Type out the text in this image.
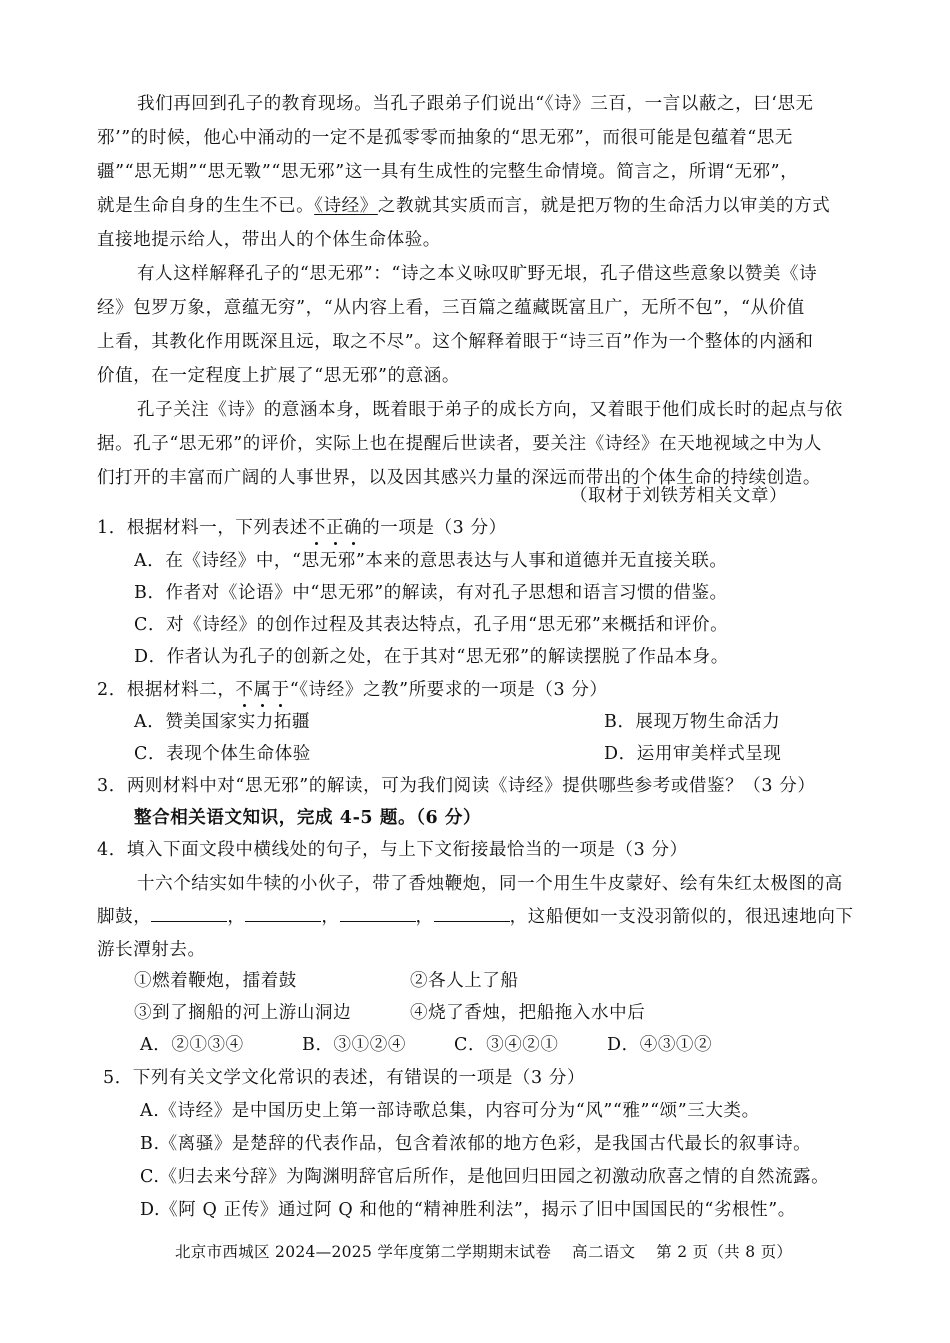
我们再回到孔子的教育现场。当孔子跟弟子们说出“《诗》三百，一言以蔽之，曰‘思无
邪’”的时候，他心中涌动的一定不是孤零零而抽象的“思无邪”，而很可能是包蕴着“思无
疆”“思无期”“思无斁”“思无邪”这一具有生成性的完整生命情境。简言之，所谓“无邪”，
就是生命自身的生生不已。《诗经》之教就其实质而言，就是把万物的生命活力以审美的方式
直接地提示给人，带出人的个体生命体验。
有人这样解释孔子的“思无邪”：“诗之本义咏叹旷野无垠，孔子借这些意象以赞美《诗
经》包罗万象，意蕴无穷”，“从内容上看，三百篇之蕴藏既富且广，无所不包”，“从价值
上看，其教化作用既深且远，取之不尽”。这个解释着眼于“诗三百”作为一个整体的内涵和
价值，在一定程度上扩展了“思无邪”的意涵。
孔子关注《诗》的意涵本身，既着眼于弟子的成长方向，又着眼于他们成长时的起点与依
据。孔子“思无邪”的评价，实际上也在提醒后世读者，要关注《诗经》在天地视域之中为人
们打开的丰富而广阔的人事世界，以及因其感兴力量的深远而带出的个体生命的持续创造。
（取材于刘铁芳相关文章）
1．根据材料一，下列表述不正确的一项是（3 分）
A．在《诗经》中，“思无邪”本来的意思表达与人事和道德并无直接关联。
B．作者对《论语》中“思无邪”的解读，有对孔子思想和语言习惯的借鉴。
C．对《诗经》的创作过程及其表达特点，孔子用“思无邪”来概括和评价。
D．作者认为孔子的创新之处，在于其对“思无邪”的解读摆脱了作品本身。
2．根据材料二，不属于“《诗经》之教”所要求的一项是（3 分）
A．赞美国家实力拓疆	B．展现万物生命活力
C．表现个体生命体验	D．运用审美样式呈现
3．两则材料中对“思无邪”的解读，可为我们阅读《诗经》提供哪些参考或借鉴？（3 分）
整合相关语文知识，完成 4-5 题。（6 分）
4．填入下面文段中横线处的句子，与上下文衔接最恰当的一项是（3 分）
十六个结实如牛犊的小伙子，带了香烛鞭炮，同一个用生牛皮蒙好、绘有朱红太极图的高
脚鼓，	，	，	，	，这船便如一支没羽箭似的，很迅速地向下
游长潭射去。
①燃着鞭炮，擂着鼓	②各人上了船
③到了搁船的河上游山洞边	④烧了香烛，把船拖入水中后
A．②①③④	B．③①②④	C．③④②①	D．④③①②
5．下列有关文学文化常识的表述，有错误的一项是（3 分）
A.《诗经》是中国历史上第一部诗歌总集，内容可分为“风”“雅”“颂”三大类。
B.《离骚》是楚辞的代表作品，包含着浓郁的地方色彩，是我国古代最长的叙事诗。
C.《归去来兮辞》为陶渊明辞官后所作，是他回归田园之初激动欣喜之情的自然流露。
D.《阿 Q 正传》通过阿 Q 和他的“精神胜利法”，揭示了旧中国国民的“劣根性”。
北京市西城区 2024—2025 学年度第二学期期末试卷    高二语文    第 2 页（共 8 页）
